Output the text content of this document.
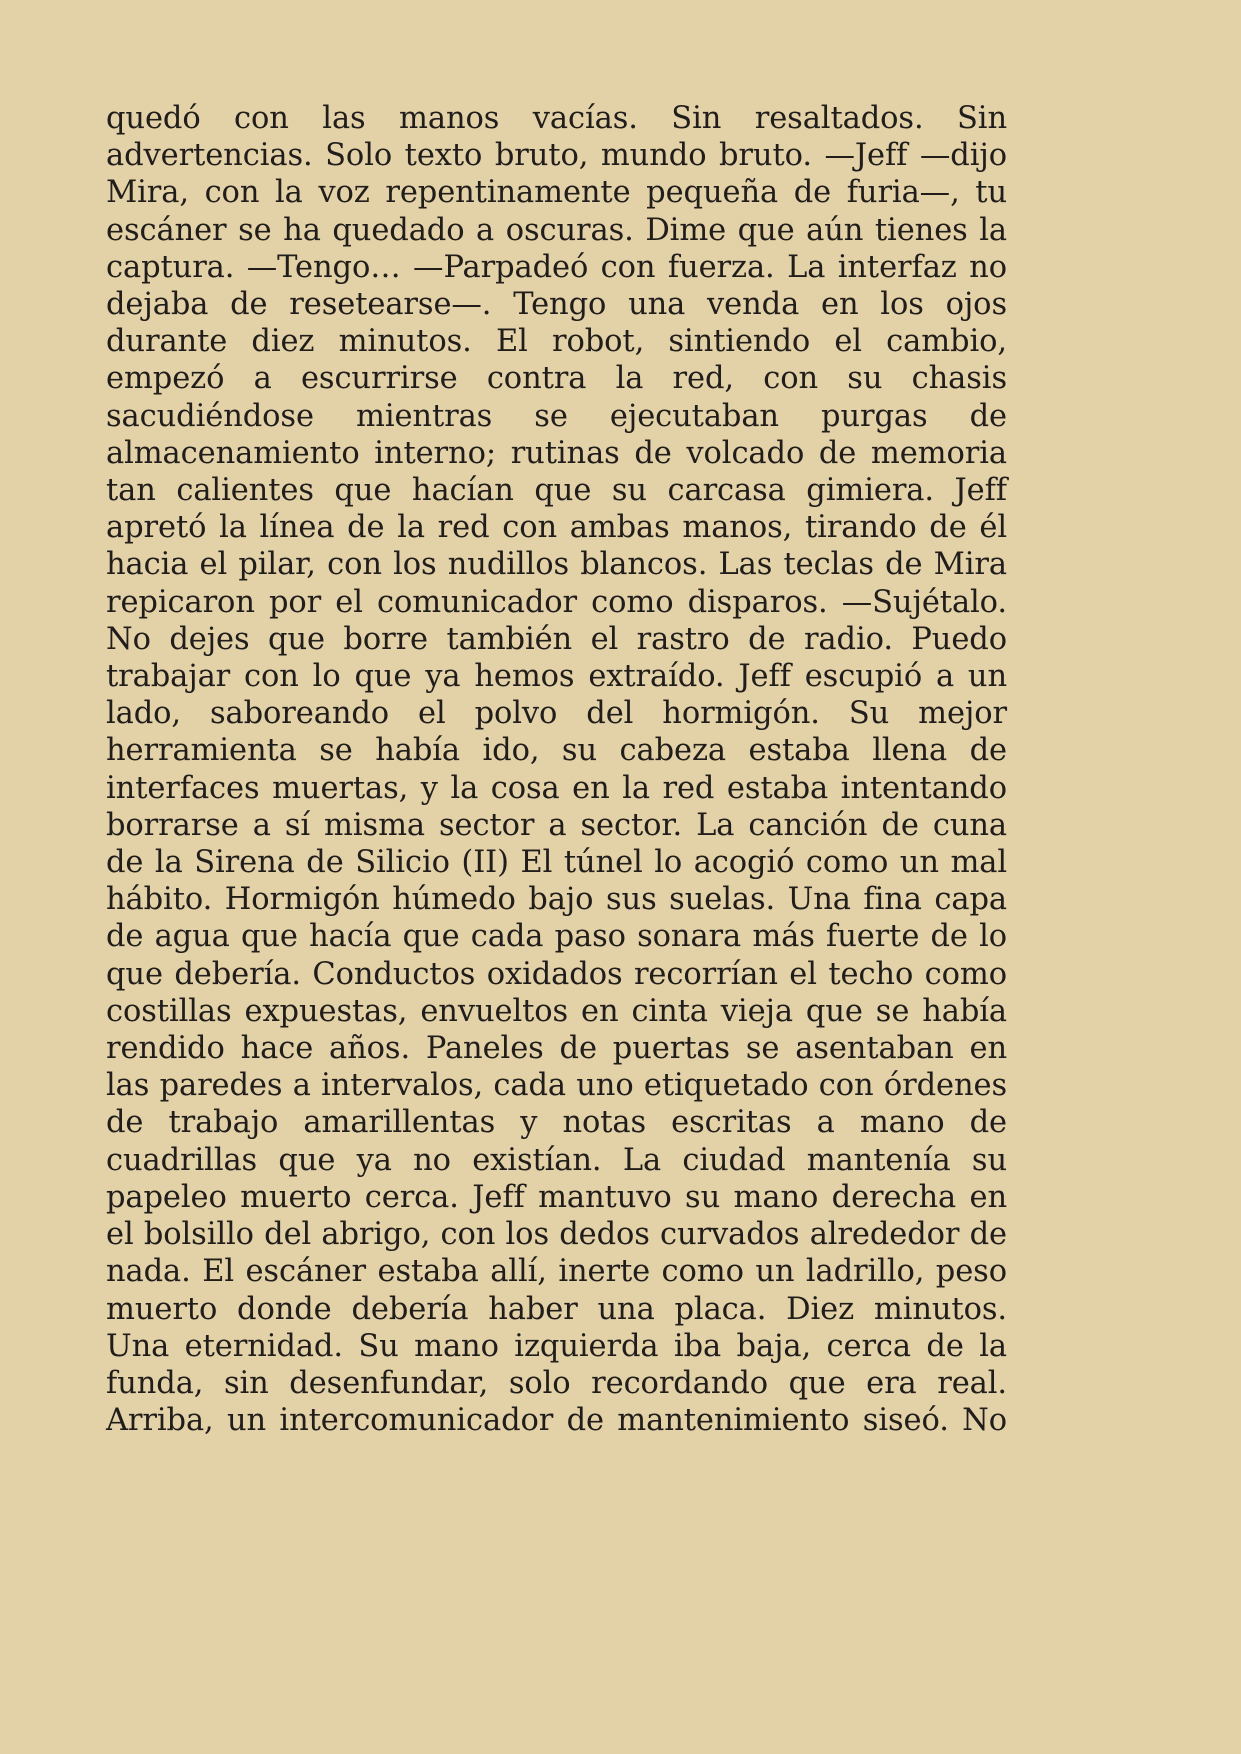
quedó con las manos vacías. Sin resaltados. Sin advertencias. Solo texto bruto, mundo bruto. —Jeff —dijo Mira, con la voz repentinamente pequeña de furia—, tu escáner se ha quedado a oscuras. Dime que aún tienes la captura. —Tengo… —Parpadeó con fuerza. La interfaz no dejaba de resetearse—. Tengo una venda en los ojos durante diez minutos. El robot, sintiendo el cambio, empezó a escurrirse contra la red, con su chasis sacudiéndose mientras se ejecutaban purgas de almacenamiento interno; rutinas de volcado de memoria tan calientes que hacían que su carcasa gimiera. Jeff apretó la línea de la red con ambas manos, tirando de él hacia el pilar, con los nudillos blancos. Las teclas de Mira repicaron por el comunicador como disparos. —Sujétalo. No dejes que borre también el rastro de radio. Puedo trabajar con lo que ya hemos extraído. Jeff escupió a un lado, saboreando el polvo del hormigón. Su mejor herramienta se había ido, su cabeza estaba llena de interfaces muertas, y la cosa en la red estaba intentando borrarse a sí misma sector a sector. La canción de cuna de la Sirena de Silicio (II) El túnel lo acogió como un mal hábito. Hormigón húmedo bajo sus suelas. Una fina capa de agua que hacía que cada paso sonara más fuerte de lo que debería. Conductos oxidados recorrían el techo como costillas expuestas, envueltos en cinta vieja que se había rendido hace años. Paneles de puertas se asentaban en las paredes a intervalos, cada uno etiquetado con órdenes de trabajo amarillentas y notas escritas a mano de cuadrillas que ya no existían. La ciudad mantenía su papeleo muerto cerca. Jeff mantuvo su mano derecha en el bolsillo del abrigo, con los dedos curvados alrededor de nada. El escáner estaba allí, inerte como un ladrillo, peso muerto donde debería haber una placa. Diez minutos. Una eternidad. Su mano izquierda iba baja, cerca de la funda, sin desenfundar, solo recordando que era real. Arriba, un intercomunicador de mantenimiento siseó. No
